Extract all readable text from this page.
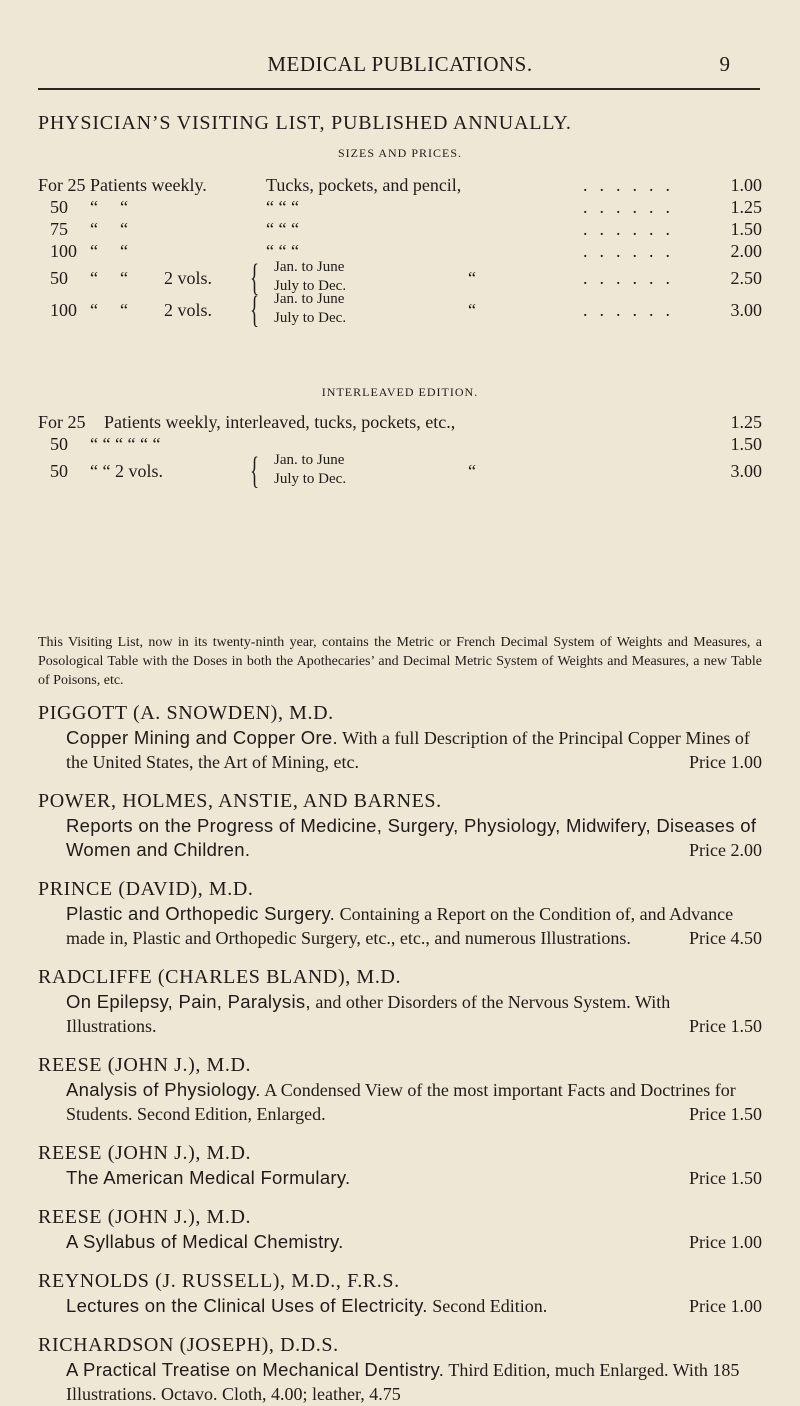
MEDICAL PUBLICATIONS.	9
PHYSICIAN’S VISITING LIST, PUBLISHED ANNUALLY.
SIZES AND PRICES.
For 25 Patients weekly.	Tucks, pockets, and pencil,	......	1.00
50 “ “	“ “ “	......	1.25
75 “ “	“ “ “	......	1.50
100 “ “	“ “ “	......	2.00
50 “ “ 2 vols. { Jan. to June
July to Dec.	“	......	2.50
100 “ “ 2 vols. { Jan. to June
July to Dec.	“	......	3.00
INTERLEAVED EDITION.
For 25 Patients weekly, interleaved, tucks, pockets, etc.,	1.25
50 “ “ “ “ “ “	1.50
50 “ “ 2 vols. { Jan. to June
July to Dec.	“	3.00
This Visiting List, now in its twenty-ninth year, contains the Metric or French Decimal System of Weights and Measures, a Posological Table with the Doses in both the Apothecaries’ and Decimal Metric System of Weights and Measures, a new Table of Poisons, etc.
PIGGOTT (A. SNOWDEN), M.D.
Copper Mining and Copper Ore. With a full Description of the Principal Copper Mines of the United States, the Art of Mining, etc.	Price 1.00
POWER, HOLMES, ANSTIE, AND BARNES.
Reports on the Progress of Medicine, Surgery, Physiology, Midwifery, Diseases of Women and Children.	Price 2.00
PRINCE (DAVID), M.D.
Plastic and Orthopedic Surgery. Containing a Report on the Condition of, and Advance made in, Plastic and Orthopedic Surgery, etc., etc., and numerous Illustrations.	Price 4.50
RADCLIFFE (CHARLES BLAND), M.D.
On Epilepsy, Pain, Paralysis, and other Disorders of the Nervous System. With Illustrations.	Price 1.50
REESE (JOHN J.), M.D.
Analysis of Physiology. A Condensed View of the most important Facts and Doctrines for Students. Second Edition, Enlarged.	Price 1.50
REESE (JOHN J.), M.D.
The American Medical Formulary.	Price 1.50
REESE (JOHN J.), M.D.
A Syllabus of Medical Chemistry.	Price 1.00
REYNOLDS (J. RUSSELL), M.D., F.R.S.
Lectures on the Clinical Uses of Electricity. Second Edition.	Price 1.00
RICHARDSON (JOSEPH), D.D.S.
A Practical Treatise on Mechanical Dentistry. Third Edition, much Enlarged. With 185 Illustrations. Octavo. Cloth, 4.00; leather, 4.75
